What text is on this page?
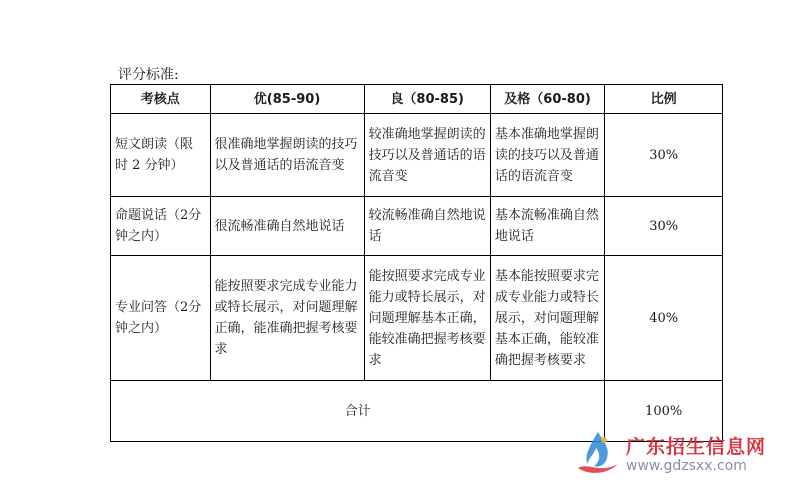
评分标准:
考核点	优(85-90)	良（80-85)	及格（60-80)	比例
短文朗读（限时 2 分钟）	很准确地掌握朗读的技巧以及普通话的语流音变	较准确地掌握朗读的技巧以及普通话的语流音变	基本准确地掌握朗读的技巧以及普通话的语流音变	30%
命题说话（2分钟之内）	很流畅准确自然地说话	较流畅准确自然地说话	基本流畅准确自然地说话	30%
专业问答（2分钟之内）	能按照要求完成专业能力或特长展示，对问题理解正确，能准确把握考核要求	能按照要求完成专业能力或特长展示，对问题理解基本正确，能较准确把握考核要求	基本能按照要求完成专业能力或特长展示，对问题理解基本正确，能较准确把握考核要求	40%
合计				100%
广东招生信息网
www.gdzsxx.com
